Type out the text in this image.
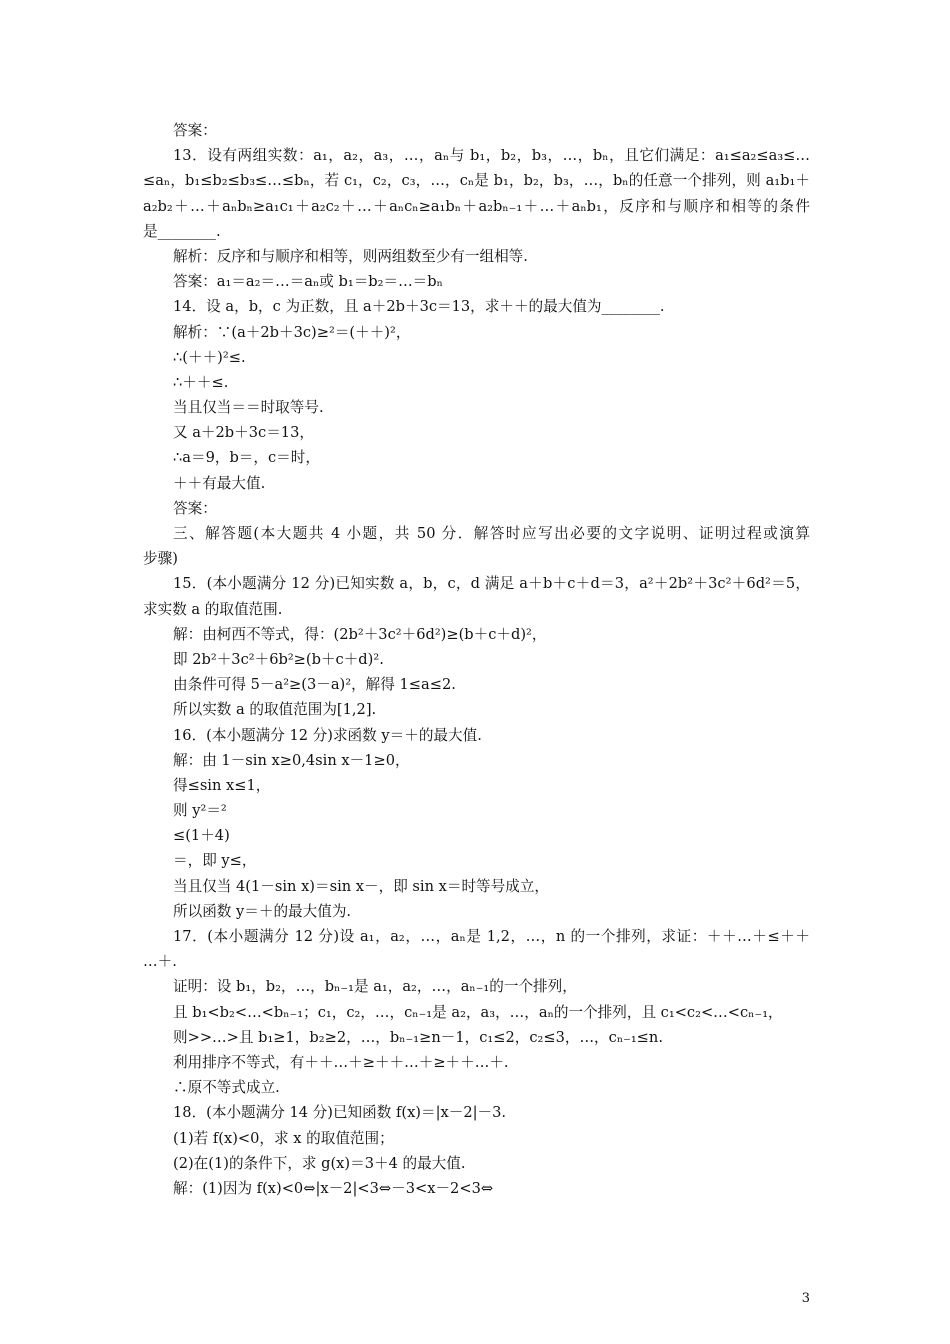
答案：
13．设有两组实数：a₁，a₂，a₃，…，aₙ与 b₁，b₂，b₃，…，bₙ，且它们满足：a₁≤a₂≤a₃≤…
≤aₙ，b₁≤b₂≤b₃≤…≤bₙ，若 c₁，c₂，c₃，…，cₙ是 b₁，b₂，b₃，…，bₙ的任意一个排列，则 a₁b₁＋
a₂b₂＋…＋aₙbₙ≥a₁c₁＋a₂c₂＋…＋aₙcₙ≥a₁bₙ＋a₂bₙ₋₁＋…＋aₙb₁，反序和与顺序和相等的条件
是________.
解析：反序和与顺序和相等，则两组数至少有一组相等.
答案：a₁＝a₂＝…＝aₙ或 b₁＝b₂＝…＝bₙ
14．设 a，b，c 为正数，且 a＋2b＋3c＝13，求＋＋的最大值为________.
解析：∵(a＋2b＋3c)≥²＝(＋＋)²，
∴(＋＋)²≤.
∴＋＋≤.
当且仅当＝＝时取等号.
又 a＋2b＋3c＝13，
∴a＝9，b＝，c＝时，
＋＋有最大值.
答案：
三、解答题(本大题共 4 小题，共 50 分．解答时应写出必要的文字说明、证明过程或演算
步骤)
15．(本小题满分 12 分)已知实数 a，b，c，d 满足 a＋b＋c＋d＝3，a²＋2b²＋3c²＋6d²＝5，
求实数 a 的取值范围.
解：由柯西不等式，得：(2b²＋3c²＋6d²)≥(b＋c＋d)²，
即 2b²＋3c²＋6b²≥(b＋c＋d)².
由条件可得 5－a²≥(3－a)²，解得 1≤a≤2.
所以实数 a 的取值范围为[1,2].
16．(本小题满分 12 分)求函数 y＝＋的最大值.
解：由 1－sin x≥0,4sin x－1≥0，
得≤sin x≤1，
则 y²＝²
≤(1＋4)
＝，即 y≤，
当且仅当 4(1－sin x)＝sin x－，即 sin x＝时等号成立，
所以函数 y＝＋的最大值为.
17．(本小题满分 12 分)设 a₁，a₂，…，aₙ是 1,2，…，n 的一个排列，求证：＋＋…＋≤＋＋
…＋.
证明：设 b₁，b₂，…，bₙ₋₁是 a₁，a₂，…，aₙ₋₁的一个排列，
且 b₁<b₂<…<bₙ₋₁；c₁，c₂，…，cₙ₋₁是 a₂，a₃，…，aₙ的一个排列，且 c₁<c₂<…<cₙ₋₁，
则>>…>且 b₁≥1，b₂≥2，…，bₙ₋₁≥n－1，c₁≤2，c₂≤3，…，cₙ₋₁≤n.
利用排序不等式，有＋＋…＋≥＋＋…＋≥＋＋…＋.
∴原不等式成立.
18．(本小题满分 14 分)已知函数 f(x)＝|x－2|－3.
(1)若 f(x)<0，求 x 的取值范围；
(2)在(1)的条件下，求 g(x)＝3＋4 的最大值.
解：(1)因为 f(x)<0⇔|x－2|<3⇔－3<x－2<3⇔
3
